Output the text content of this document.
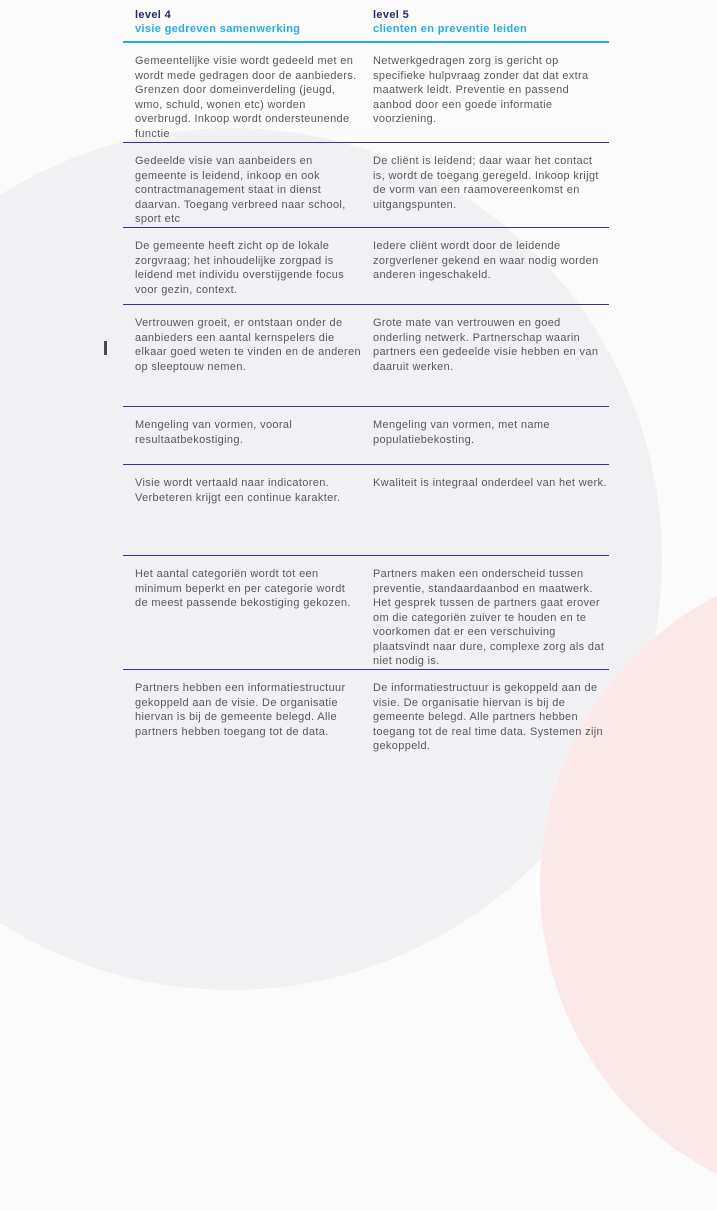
level 4
visie gedreven samenwerking
level 5
clienten en preventie leiden
Gemeentelijke visie wordt gedeeld met en wordt mede gedragen door de aanbieders. Grenzen door domeinverdeling (jeugd, wmo, schuld, wonen etc) worden overbrugd. Inkoop wordt ondersteunende functie
Netwerkgedragen zorg is gericht op specifieke hulpvraag zonder dat dat extra maatwerk leidt. Preventie en passend aanbod door een goede informatie voorziening.
Gedeelde visie van aanbeiders en gemeente is leidend, inkoop en ook contractmanagement staat in dienst daarvan. Toegang verbreed naar school, sport etc
De cliënt is leidend; daar waar het contact is, wordt de toegang geregeld. Inkoop krijgt de vorm van een raamovereenkomst en uitgangspunten.
De gemeente heeft zicht op de lokale zorgvraag; het inhoudelijke zorgpad is leidend met individu overstijgende focus voor gezin, context.
Iedere cliënt wordt door de leidende zorgverlener gekend en waar nodig worden anderen ingeschakeld.
Vertrouwen groeit, er ontstaan onder de aanbieders een aantal kernspelers die elkaar goed weten te vinden en de anderen op sleeptouw nemen.
Grote mate van vertrouwen en goed onderling netwerk. Partnerschap waarin partners een gedeelde visie hebben en van daaruit werken.
Mengeling van vormen, vooral resultaatbekostiging.
Mengeling van vormen, met name populatiebekosting.
Visie wordt vertaald naar indicatoren. Verbeteren krijgt een continue karakter.
Kwaliteit is integraal onderdeel van het werk.
Het aantal categoriën wordt tot een minimum beperkt en per categorie wordt de meest passende bekostiging gekozen.
Partners maken een onderscheid tussen preventie, standaardaanbod en maatwerk. Het gesprek tussen de partners gaat erover om die categoriën zuiver te houden en te voorkomen dat er een verschuiving plaatsvindt naar dure, complexe zorg als dat niet nodig is.
Partners hebben een informatiestructuur gekoppeld aan de visie. De organisatie hiervan is bij de gemeente belegd. Alle partners hebben toegang tot de data.
De informatiestructuur is gekoppeld aan de visie. De organisatie hiervan is bij de gemeente belegd. Alle partners hebben toegang tot de real time data. Systemen zijn gekoppeld.
